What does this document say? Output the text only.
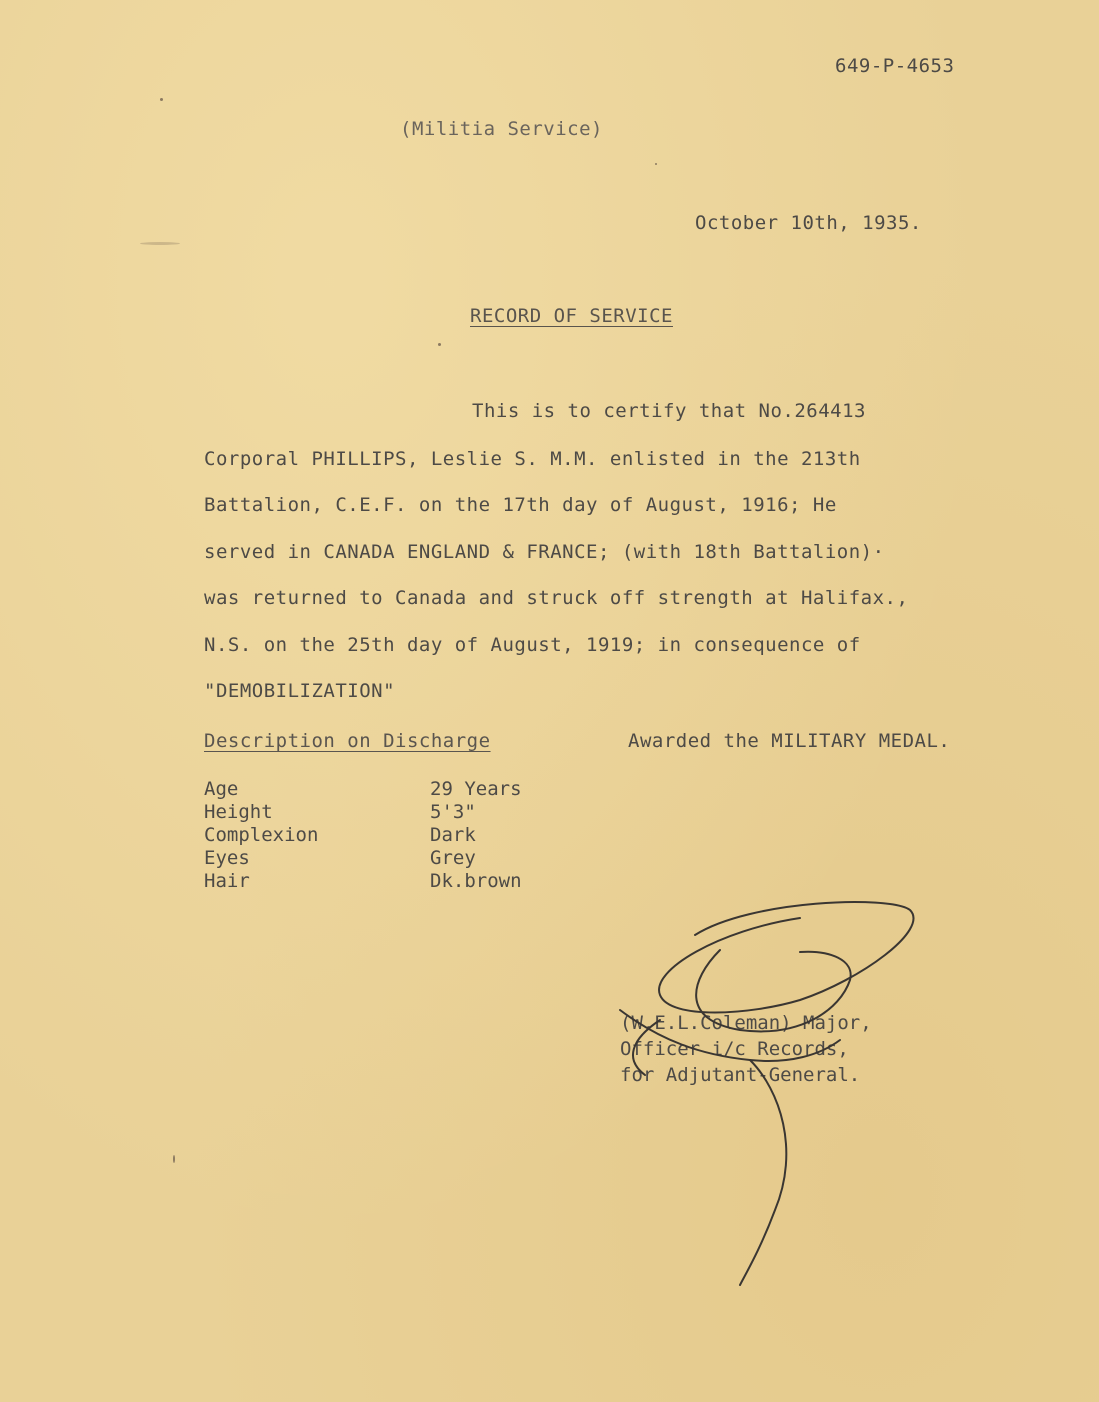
649-P-4653
(Militia Service)
October 10th, 1935.
RECORD OF SERVICE
This is to certify that No.264413
Corporal PHILLIPS, Leslie S. M.M. enlisted in the 213th
Battalion, C.E.F. on the 17th day of August, 1916; He
served in CANADA ENGLAND & FRANCE; (with 18th Battalion)·
was returned to Canada and struck off strength at Halifax.,
N.S. on the 25th day of August, 1919; in consequence of
"DEMOBILIZATION"
Description on Discharge	Awarded the MILITARY MEDAL.
Age	29 Years
Height	5'3"
Complexion	Dark
Eyes	Grey
Hair	Dk.brown
(W.E.L.Coleman) Major,
Officer i/c Records,
for Adjutant-General.
